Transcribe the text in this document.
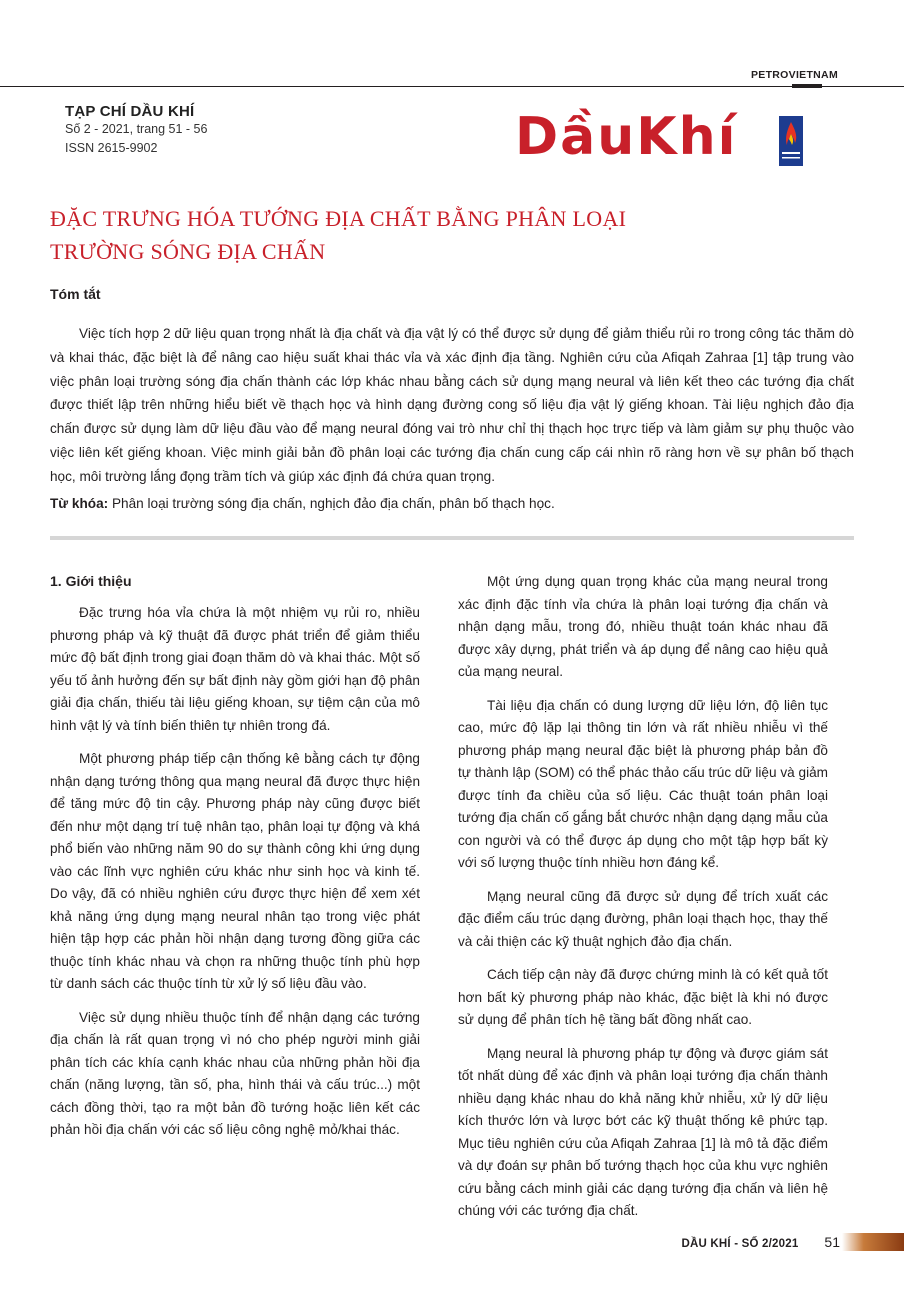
PETROVIETNAM
TẠP CHÍ DẦU KHÍ
Số 2 - 2021, trang 51 - 56
ISSN 2615-9902	DầuKhí
ĐẶC TRƯNG HÓA TƯỚNG ĐỊA CHẤT BẰNG PHÂN LOẠI
TRƯỜNG SÓNG ĐỊA CHẤN
Tóm tắt

Việc tích hợp 2 dữ liệu quan trọng nhất là địa chất và địa vật lý có thể được sử dụng để giảm thiểu rủi ro trong công tác thăm dò và khai thác, đặc biệt là để nâng cao hiệu suất khai thác vỉa và xác định địa tầng. Nghiên cứu của Afiqah Zahraa [1] tập trung vào việc phân loại trường sóng địa chấn thành các lớp khác nhau bằng cách sử dụng mạng neural và liên kết theo các tướng địa chất được thiết lập trên những hiểu biết về thạch học và hình dạng đường cong số liệu địa vật lý giếng khoan. Tài liệu nghịch đảo địa chấn được sử dụng làm dữ liệu đầu vào để mạng neural đóng vai trò như chỉ thị thạch học trực tiếp và làm giảm sự phụ thuộc vào việc liên kết giếng khoan. Việc minh giải bản đồ phân loại các tướng địa chấn cung cấp cái nhìn rõ ràng hơn về sự phân bố thạch học, môi trường lắng đọng trầm tích và giúp xác định đá chứa quan trọng.

Từ khóa: Phân loại trường sóng địa chấn, nghịch đảo địa chấn, phân bố thạch học.
1. Giới thiệu

Đặc trưng hóa vỉa chứa là một nhiệm vụ rủi ro, nhiều phương pháp và kỹ thuật đã được phát triển để giảm thiểu mức độ bất định trong giai đoạn thăm dò và khai thác. Một số yếu tố ảnh hưởng đến sự bất định này gồm giới hạn độ phân giải địa chấn, thiếu tài liệu giếng khoan, sự tiệm cận của mô hình vật lý và tính biến thiên tự nhiên trong đá.

Một phương pháp tiếp cận thống kê bằng cách tự động nhận dạng tướng thông qua mạng neural đã được thực hiện để tăng mức độ tin cậy. Phương pháp này cũng được biết đến như một dạng trí tuệ nhân tạo, phân loại tự động và khá phổ biến vào những năm 90 do sự thành công khi ứng dụng vào các lĩnh vực nghiên cứu khác như sinh học và kinh tế. Do vậy, đã có nhiều nghiên cứu được thực hiện để xem xét khả năng ứng dụng mạng neural nhân tạo trong việc phát hiện tập hợp các phản hồi nhận dạng tương đồng giữa các thuộc tính khác nhau và chọn ra những thuộc tính phù hợp từ danh sách các thuộc tính từ xử lý số liệu đầu vào.

Việc sử dụng nhiều thuộc tính để nhận dạng các tướng địa chấn là rất quan trọng vì nó cho phép người minh giải phân tích các khía cạnh khác nhau của những phản hồi địa chấn (năng lượng, tần số, pha, hình thái và cấu trúc...) một cách đồng thời, tạo ra một bản đồ tướng hoặc liên kết các phản hồi địa chấn với các số liệu công nghệ mỏ/khai thác.

Một ứng dụng quan trọng khác của mạng neural trong xác định đặc tính vỉa chứa là phân loại tướng địa chấn và nhận dạng mẫu, trong đó, nhiều thuật toán khác nhau đã được xây dựng, phát triển và áp dụng để nâng cao hiệu quả của mạng neural.

Tài liệu địa chấn có dung lượng dữ liệu lớn, độ liên tục cao, mức độ lặp lại thông tin lớn và rất nhiều nhiễu vì thế phương pháp mạng neural đặc biệt là phương pháp bản đồ tự thành lập (SOM) có thể phác thảo cấu trúc dữ liệu và giảm được tính đa chiều của số liệu. Các thuật toán phân loại tướng địa chấn cố gắng bắt chước nhận dạng dạng mẫu của con người và có thể được áp dụng cho một tập hợp bất kỳ với số lượng thuộc tính nhiều hơn đáng kể.

Mạng neural cũng đã được sử dụng để trích xuất các đặc điểm cấu trúc dạng đường, phân loại thạch học, thay thế và cải thiện các kỹ thuật nghịch đảo địa chấn.

Cách tiếp cận này đã được chứng minh là có kết quả tốt hơn bất kỳ phương pháp nào khác, đặc biệt là khi nó được sử dụng để phân tích hệ tầng bất đồng nhất cao.

Mạng neural là phương pháp tự động và được giám sát tốt nhất dùng để xác định và phân loại tướng địa chấn thành nhiều dạng khác nhau do khả năng khử nhiễu, xử lý dữ liệu kích thước lớn và lược bớt các kỹ thuật thống kê phức tạp. Mục tiêu nghiên cứu của Afiqah Zahraa [1] là mô tả đặc điểm và dự đoán sự phân bố tướng thạch học của khu vực nghiên cứu bằng cách minh giải các dạng tướng địa chấn và liên hệ chúng với các tướng địa chất.

DẦU KHÍ - SỐ 2/2021 51
